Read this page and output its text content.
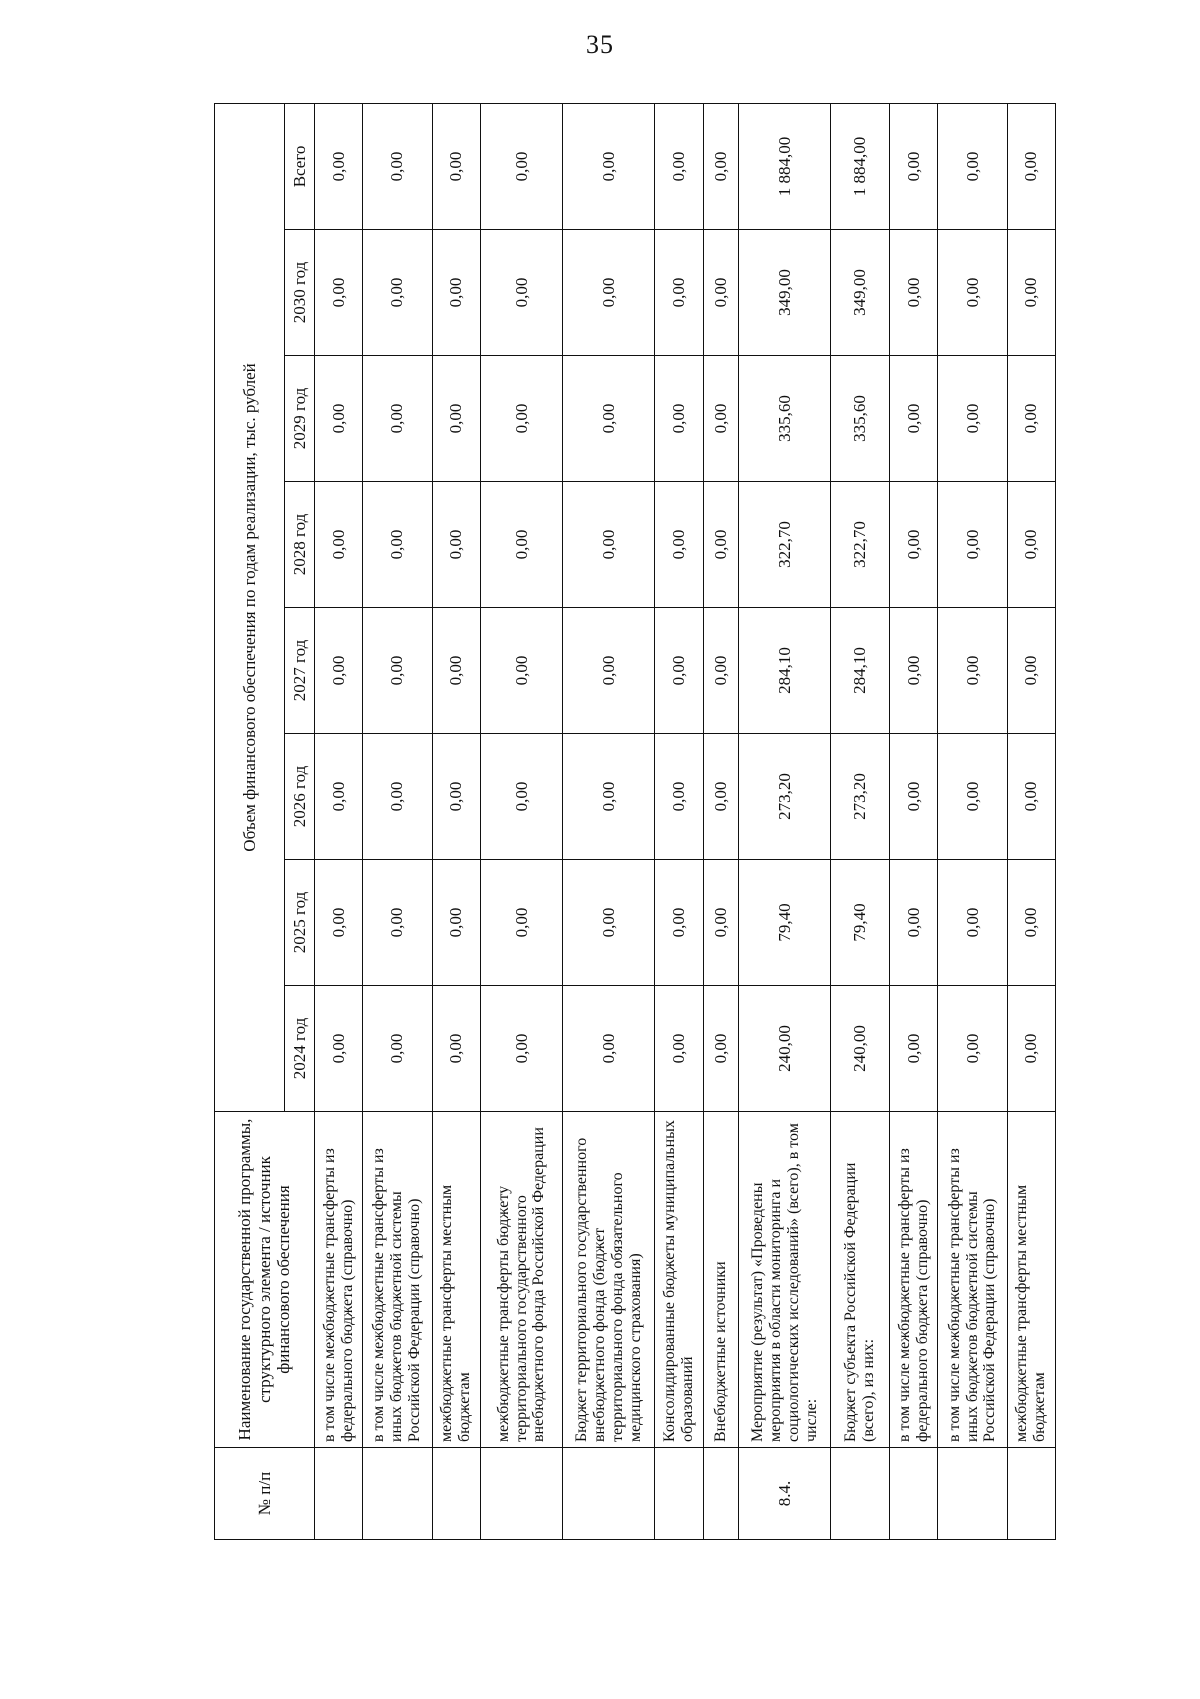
35
№ п/п	Наименование государственной программы, структурного элемента / источник финансового обеспечения	Объем финансового обеспечения по годам реализации, тыс. рублей							
		2024 год	2025 год	2026 год	2027 год	2028 год	2029 год	2030 год	Всего
	в том числе межбюджетные трансферты из федерального бюджета (справочно)	0,00	0,00	0,00	0,00	0,00	0,00	0,00	0,00
	в том числе межбюджетные трансферты из иных бюджетов бюджетной системы Российской Федерации (справочно)	0,00	0,00	0,00	0,00	0,00	0,00	0,00	0,00
	межбюджетные трансферты местным бюджетам	0,00	0,00	0,00	0,00	0,00	0,00	0,00	0,00
	межбюджетные трансферты бюджету территориального государственного внебюджетного фонда Российской Федерации	0,00	0,00	0,00	0,00	0,00	0,00	0,00	0,00
	Бюджет территориального государственного внебюджетного фонда (бюджет территориального фонда обязательного медицинского страхования)	0,00	0,00	0,00	0,00	0,00	0,00	0,00	0,00
	Консолидированные бюджеты муниципальных образований	0,00	0,00	0,00	0,00	0,00	0,00	0,00	0,00
	Внебюджетные источники	0,00	0,00	0,00	0,00	0,00	0,00	0,00	0,00
8.4.	Мероприятие (результат) «Проведены мероприятия в области мониторинга и социологических исследований» (всего), в том числе:	240,00	79,40	273,20	284,10	322,70	335,60	349,00	1 884,00
	Бюджет субъекта Российской Федерации (всего), из них:	240,00	79,40	273,20	284,10	322,70	335,60	349,00	1 884,00
	в том числе межбюджетные трансферты из федерального бюджета (справочно)	0,00	0,00	0,00	0,00	0,00	0,00	0,00	0,00
	в том числе межбюджетные трансферты из иных бюджетов бюджетной системы Российской Федерации (справочно)	0,00	0,00	0,00	0,00	0,00	0,00	0,00	0,00
	межбюджетные трансферты местным бюджетам	0,00	0,00	0,00	0,00	0,00	0,00	0,00	0,00
